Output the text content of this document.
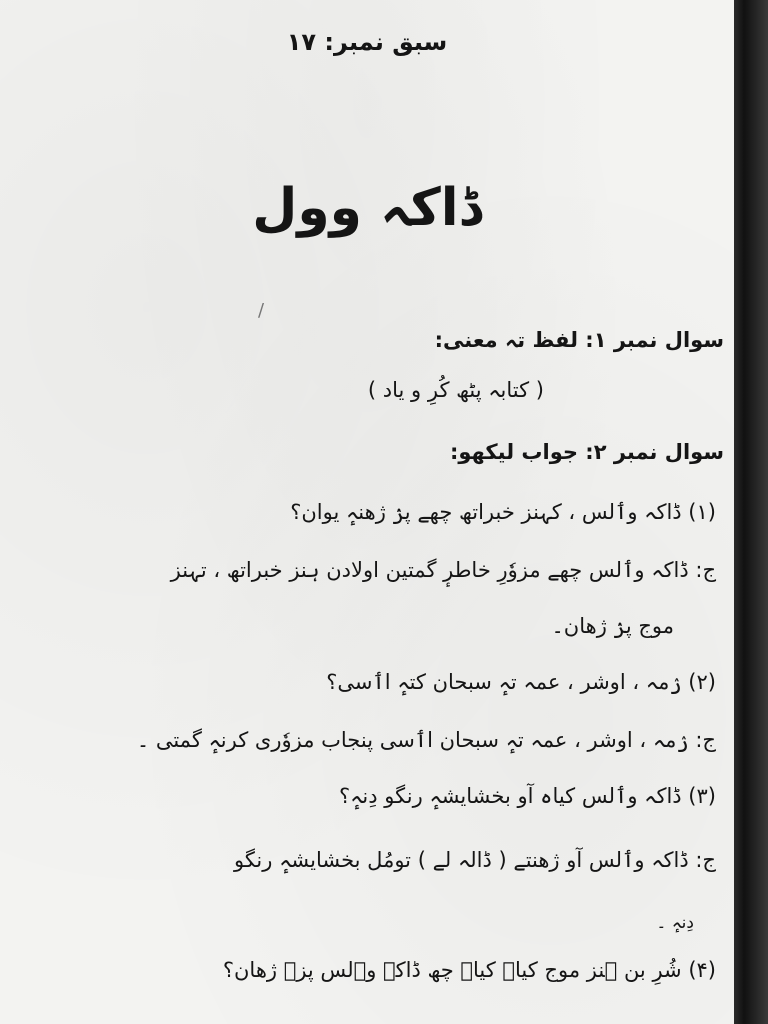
سبق نمبر: ۱۷
ڈاکہ وول
سوال نمبر ۱: لفظ تہ معنی:
( کتابہ پٹھ کُرِ و یاد )
سوال نمبر ۲: جواب لیکھو:
(۱) ڈاکہ وٲلس ، کہنز خبراتھ چھے پزٛ ژھنہٕ یوان؟
ج: ڈاکہ وٲلس چھے مزوٗرِ خاطرٕ گمتین اولادن ہنز خبراتھ ، تہنز
موج پزٛ ژھان۔
(۲) رٛمہ ، اوشر ، عمہ تہٕ سبحان کتہٕ اٲسی؟
ج: رٛمہ ، اوشر ، عمہ تہٕ سبحان اٲسی پنجاب مزوٗری کرنہٕ گمتی ۔
(۳) ڈاکہ وٲلس کیاہ آو بخشایشہٕ رنگو دِنہٕ؟
ج: ڈاکہ وٲلس آو ژھنتے ( ڈالہ لے ) تومُل بخشایشہٕ رنگو
دِنہٕ ۔
(۴) شُرِ بن ہنز موج کیاہ کیاہ چھ ڈاکہ وٲلس پزٛ ژھان؟
/
